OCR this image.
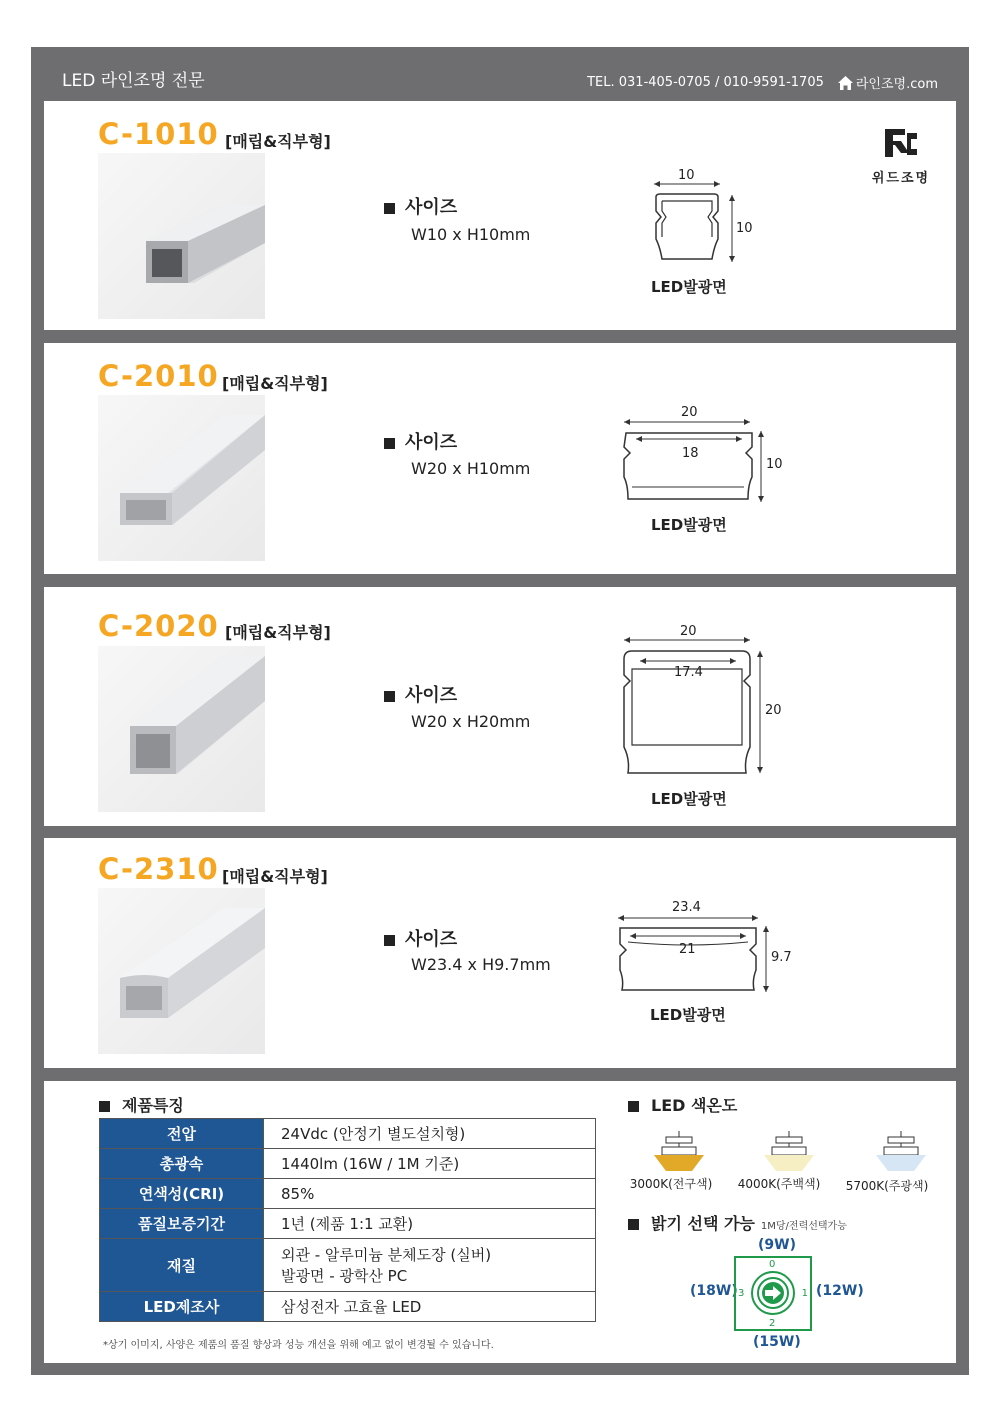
LED 라인조명 전문	TEL. 031-405-0705 / 010-9591-1705 라인조명.com
C-1010 [매립&직부형]
사이즈
W10 x H10mm
10
10
LED발광면
위드조명
C-2010 [매립&직부형]
사이즈
W20 x H10mm
20
18
10
LED발광면
C-2020 [매립&직부형]
사이즈
W20 x H20mm
20
17.4
20
LED발광면
C-2310 [매립&직부형]
사이즈
W23.4 x H9.7mm
23.4
21
9.7
LED발광면
제품특징
전압	24Vdc (안정기 별도설치형)
총광속	1440lm (16W / 1M 기준)
연색성(CRI)	85%
품질보증기간	1년 (제품 1:1 교환)
재질	외관 - 알루미늄 분체도장 (실버)
발광면 - 광학산 PC

LED제조사	삼성전자 고효율 LED
*상기 이미지, 사양은 제품의 품질 향상과 성능 개선을 위해 예고 없이 변경될 수 있습니다.
LED 색온도
3000K(전구색)	4000K(주백색)	5700K(주광색)
밝기 선택 가능 1M당/전력선택가능
(9W)
(18W)	(12W)
(15W)
0
1
2
3
